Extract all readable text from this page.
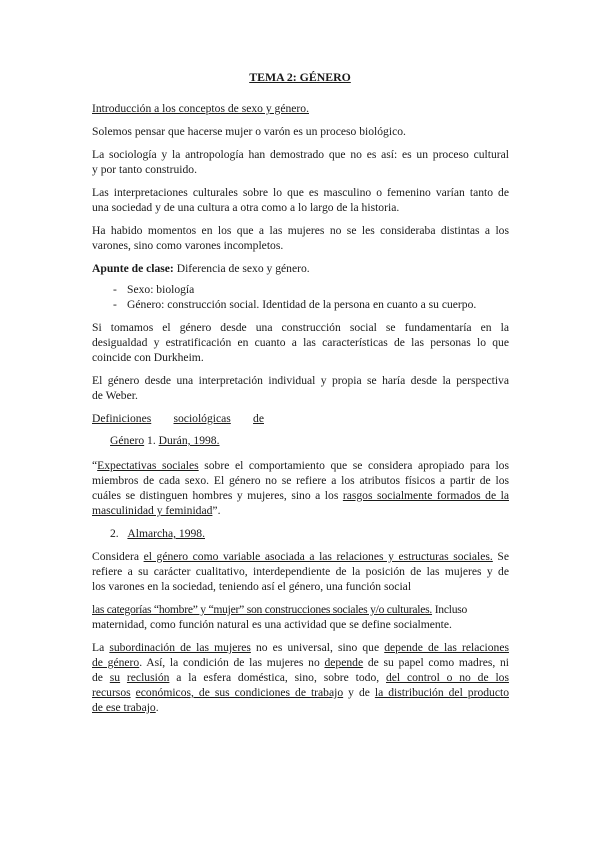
TEMA 2: GÉNERO
Introducción a los conceptos de sexo y género.
Solemos pensar que hacerse mujer o varón es un proceso biológico.
La sociología y la antropología han demostrado que no es así: es un proceso cultural
y por tanto construido.
Las interpretaciones culturales sobre lo que es masculino o femenino varían tanto de
una sociedad y de una cultura a otra como a lo largo de la historia.
Ha habido momentos en los que a las mujeres no se les consideraba distintas a los
varones, sino como varones incompletos.
Apunte de clase: Diferencia de sexo y género.
- Sexo: biología
- Género: construcción social. Identidad de la persona en cuanto a su cuerpo.
Si tomamos el género desde una construcción social se fundamentaría en la
desigualdad y estratificación en cuanto a las características de las personas lo que
coincide con Durkheim.
El género desde una interpretación individual y propia se haría desde la perspectiva
de Weber.
Definiciones sociológicas de
Género 1. Durán, 1998.
“Expectativas sociales sobre el comportamiento que se considera apropiado para los
miembros de cada sexo. El género no se refiere a los atributos físicos a partir de los
cuáles se distinguen hombres y mujeres, sino a los rasgos socialmente formados de la
masculinidad y feminidad”.
2. Almarcha, 1998.
Considera el género como variable asociada a las relaciones y estructuras sociales. Se
refiere a su carácter cualitativo, interdependiente de la posición de las mujeres y de
los varones en la sociedad, teniendo así el género, una función social
las categorías “hombre” y “mujer” son construcciones sociales y/o culturales. Incluso
maternidad, como función natural es una actividad que se define socialmente.
La subordinación de las mujeres no es universal, sino que depende de las relaciones
de género. Así, la condición de las mujeres no depende de su papel como madres, ni
de su reclusión a la esfera doméstica, sino, sobre todo, del control o no de los
recursos económicos, de sus condiciones de trabajo y de la distribución del producto
de ese trabajo.
